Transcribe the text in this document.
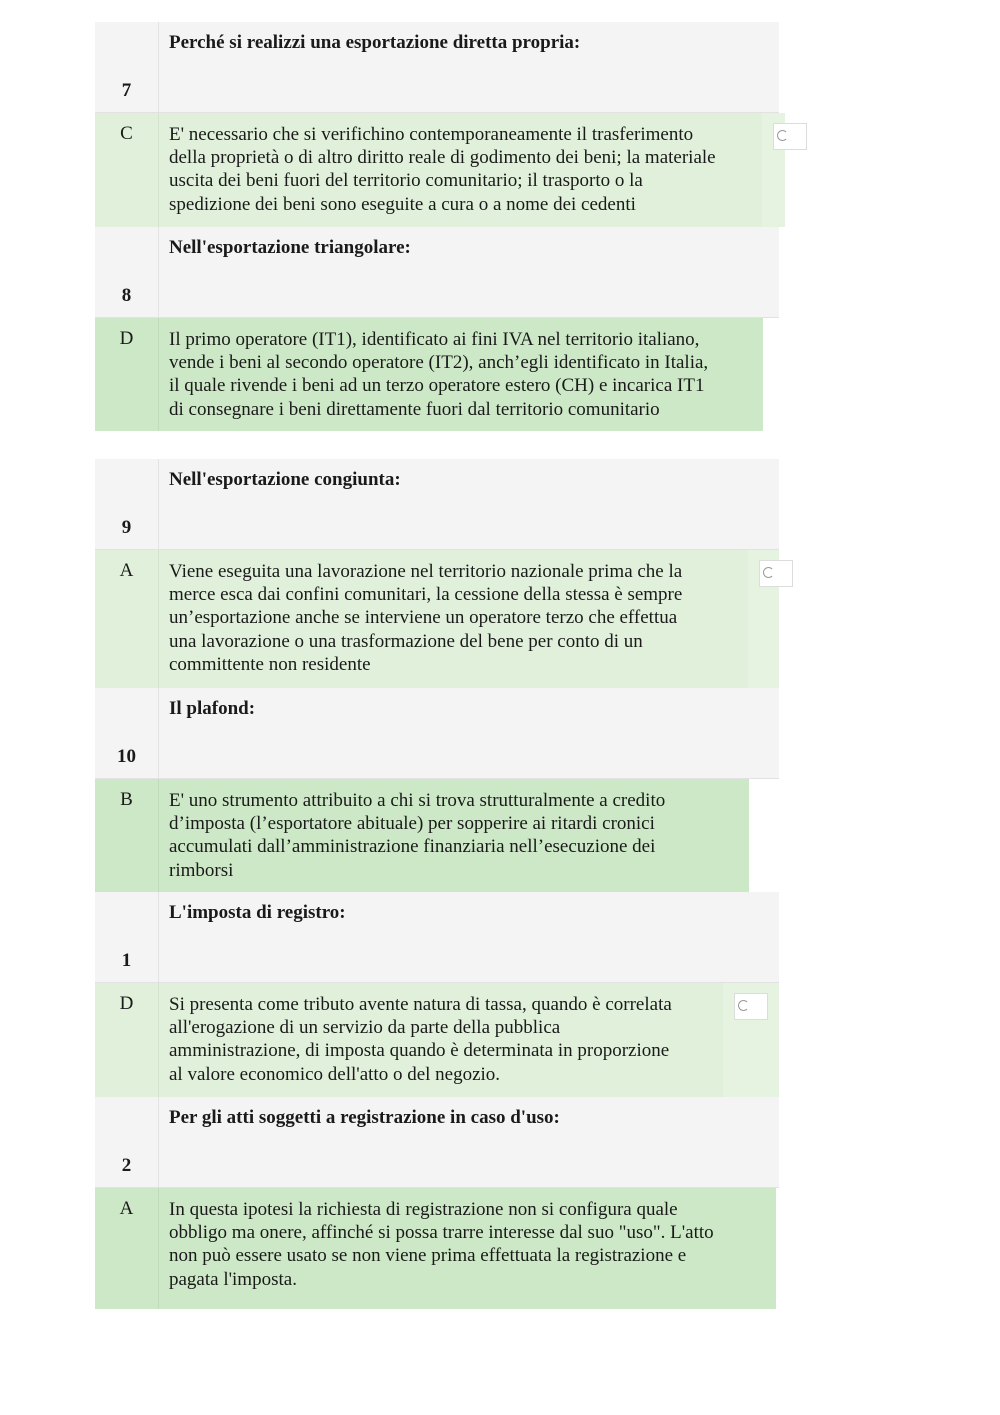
7
Perché si realizzi una esportazione diretta propria:
C	E' necessario che si verifichino contemporaneamente il trasferimento
della proprietà o di altro diritto reale di godimento dei beni; la materiale
uscita dei beni fuori del territorio comunitario; il trasporto o la
spedizione dei beni sono eseguite a cura o a nome dei cedenti
8
Nell'esportazione triangolare:
D	Il primo operatore (IT1), identificato ai fini IVA nel territorio italiano,
vende i beni al secondo operatore (IT2), anch’egli identificato in Italia,
il quale rivende i beni ad un terzo operatore estero (CH) e incarica IT1
di consegnare i beni direttamente fuori dal territorio comunitario
9
Nell'esportazione congiunta:
A	Viene eseguita una lavorazione nel territorio nazionale prima che la
merce esca dai confini comunitari, la cessione della stessa è sempre
un’esportazione anche se interviene un operatore terzo che effettua
una lavorazione o una trasformazione del bene per conto di un
committente non residente
10
Il plafond:
B	E' uno strumento attribuito a chi si trova strutturalmente a credito
d’imposta (l’esportatore abituale) per sopperire ai ritardi cronici
accumulati dall’amministrazione finanziaria nell’esecuzione dei
rimborsi
1
L'imposta di registro:
D	Si presenta come tributo avente natura di tassa, quando è correlata
all'erogazione di un servizio da parte della pubblica
amministrazione, di imposta quando è determinata in proporzione
al valore economico dell'atto o del negozio.
2
Per gli atti soggetti a registrazione in caso d'uso:
A	In questa ipotesi la richiesta di registrazione non si configura quale
obbligo ma onere, affinché si possa trarre interesse dal suo "uso". L'atto
non può essere usato se non viene prima effettuata la registrazione e
pagata l'imposta.
